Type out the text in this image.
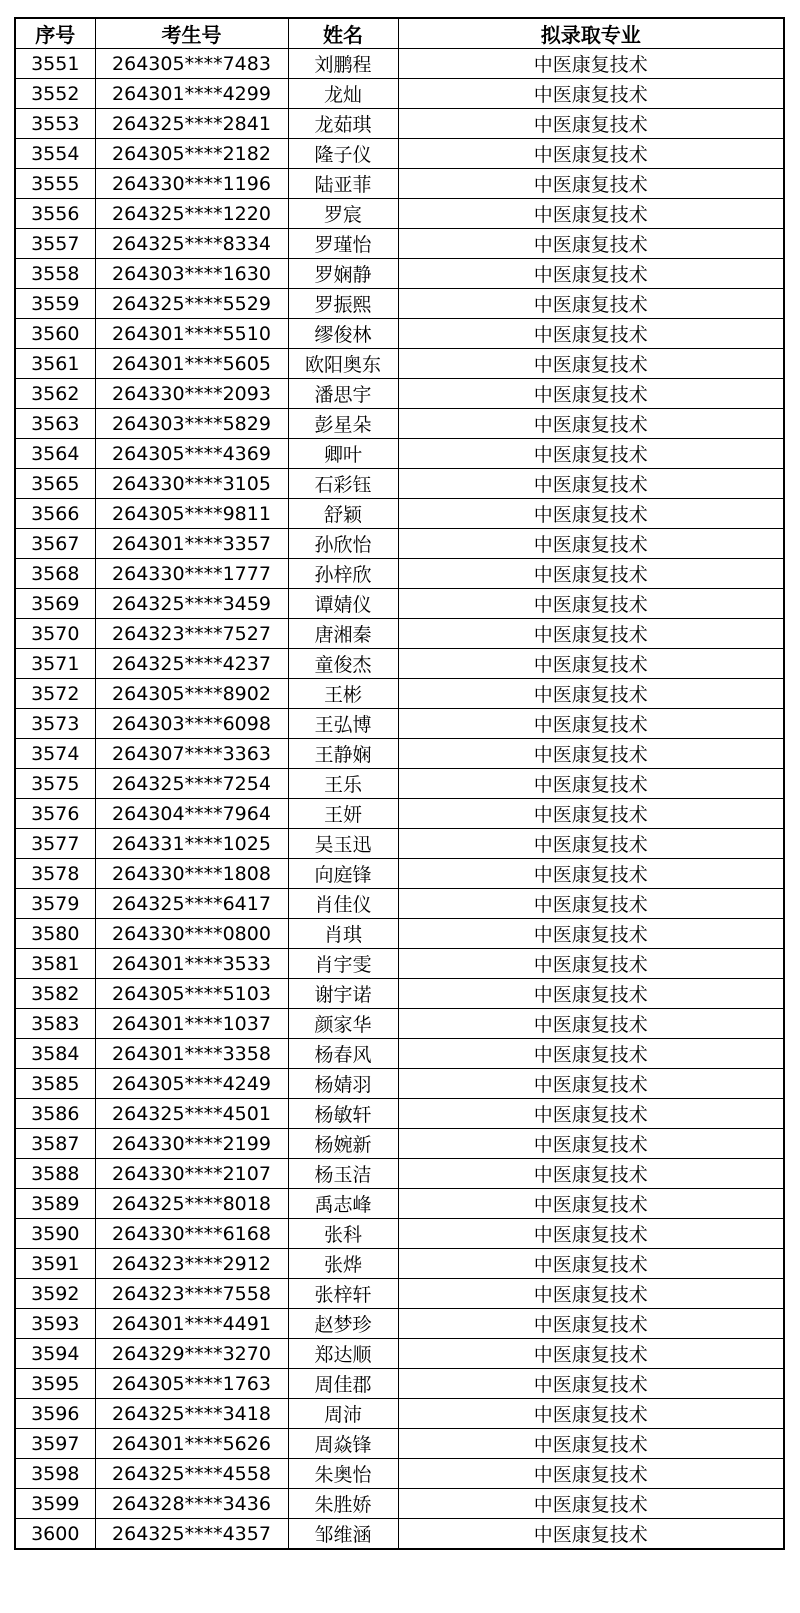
序号	考生号	姓名	拟录取专业
3551	264305****7483	刘鹏程	中医康复技术
3552	264301****4299	龙灿	中医康复技术
3553	264325****2841	龙茹琪	中医康复技术
3554	264305****2182	隆子仪	中医康复技术
3555	264330****1196	陆亚菲	中医康复技术
3556	264325****1220	罗宸	中医康复技术
3557	264325****8334	罗瑾怡	中医康复技术
3558	264303****1630	罗娴静	中医康复技术
3559	264325****5529	罗振熙	中医康复技术
3560	264301****5510	缪俊林	中医康复技术
3561	264301****5605	欧阳奥东	中医康复技术
3562	264330****2093	潘思宇	中医康复技术
3563	264303****5829	彭星朵	中医康复技术
3564	264305****4369	卿叶	中医康复技术
3565	264330****3105	石彩钰	中医康复技术
3566	264305****9811	舒颖	中医康复技术
3567	264301****3357	孙欣怡	中医康复技术
3568	264330****1777	孙梓欣	中医康复技术
3569	264325****3459	谭婧仪	中医康复技术
3570	264323****7527	唐湘秦	中医康复技术
3571	264325****4237	童俊杰	中医康复技术
3572	264305****8902	王彬	中医康复技术
3573	264303****6098	王弘博	中医康复技术
3574	264307****3363	王静娴	中医康复技术
3575	264325****7254	王乐	中医康复技术
3576	264304****7964	王妍	中医康复技术
3577	264331****1025	吴玉迅	中医康复技术
3578	264330****1808	向庭锋	中医康复技术
3579	264325****6417	肖佳仪	中医康复技术
3580	264330****0800	肖琪	中医康复技术
3581	264301****3533	肖宇雯	中医康复技术
3582	264305****5103	谢宇诺	中医康复技术
3583	264301****1037	颜家华	中医康复技术
3584	264301****3358	杨春风	中医康复技术
3585	264305****4249	杨婧羽	中医康复技术
3586	264325****4501	杨敏轩	中医康复技术
3587	264330****2199	杨婉新	中医康复技术
3588	264330****2107	杨玉洁	中医康复技术
3589	264325****8018	禹志峰	中医康复技术
3590	264330****6168	张科	中医康复技术
3591	264323****2912	张烨	中医康复技术
3592	264323****7558	张梓轩	中医康复技术
3593	264301****4491	赵梦珍	中医康复技术
3594	264329****3270	郑达顺	中医康复技术
3595	264305****1763	周佳郡	中医康复技术
3596	264325****3418	周沛	中医康复技术
3597	264301****5626	周焱锋	中医康复技术
3598	264325****4558	朱奥怡	中医康复技术
3599	264328****3436	朱胜娇	中医康复技术
3600	264325****4357	邹维涵	中医康复技术
